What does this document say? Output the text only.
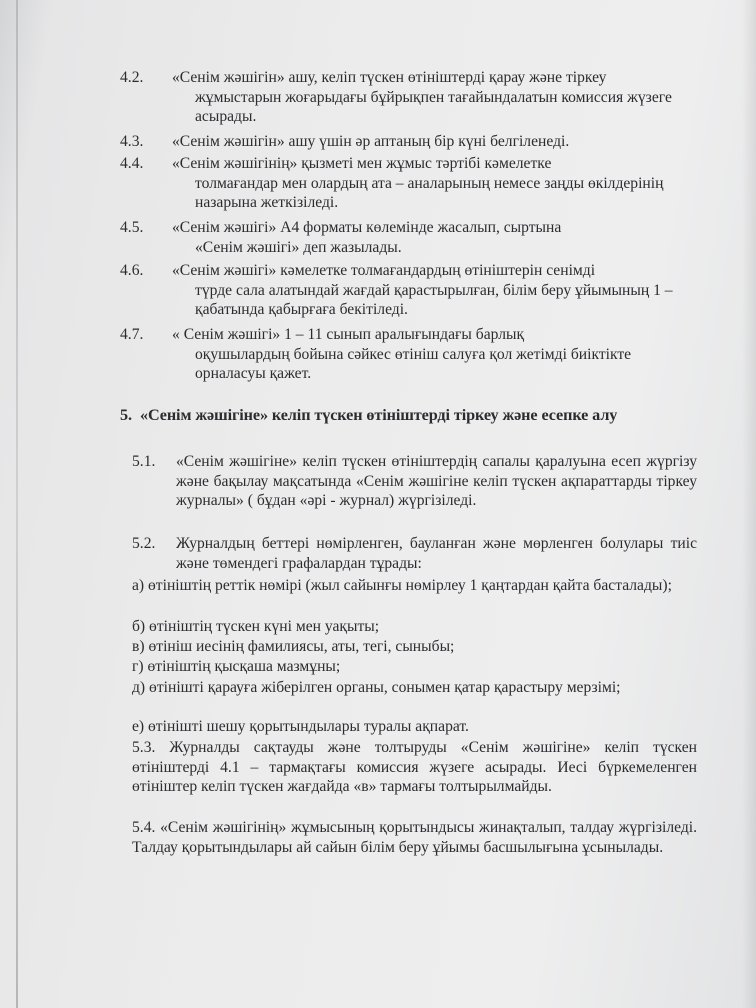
4.2. «Сенім жәшігін» ашу, келіп түскен өтініштерді қарау және тіркеу
жұмыстарын жоғарыдағы бұйрықпен тағайындалатын комиссия жүзеге асырады.
4.3. «Сенім жәшігін» ашу үшін әр аптаның бір күні белгіленеді.
4.4. «Сенім жәшігінің» қызметі мен жұмыс тәртібі кәмелетке
толмағандар мен олардың ата – аналарының немесе заңды өкілдерінің назарына жеткізіледі.
4.5. «Сенім жәшігі» А4 форматы көлемінде жасалып, сыртына
«Сенім жәшігі» деп жазылады.
4.6. «Сенім жәшігі» кәмелетке толмағандардың өтініштерін сенімді
түрде сала алатындай жағдай қарастырылған, білім беру ұйымының 1 – қабатында қабырғаға бекітіледі.
4.7. « Сенім жәшігі» 1 – 11 сынып аралығындағы барлық
оқушылардың бойына сәйкес өтініш салуға қол жетімді биіктікте орналасуы қажет.
5. «Сенім жәшігіне» келіп түскен өтініштерді тіркеу және есепке алу
5.1. «Сенім жәшігіне» келіп түскен өтініштердің сапалы қаралуына есеп жүргізу және бақылау мақсатында «Сенім жәшігіне келіп түскен ақпараттарды тіркеу журналы» ( бұдан «әрі - журнал) жүргізіледі.
5.2. Журналдың беттері нөмірленген, бауланған және мөрленген болулары тиіс және төмендегі графалардан тұрады:
а) өтініштің реттік нөмірі (жыл сайынғы нөмірлеу 1 қаңтардан қайта басталады);
б) өтініштің түскен күні мен уақыты;
в) өтініш иесінің фамилиясы, аты, тегі, сыныбы;
г) өтініштің қысқаша мазмұны;
д) өтінішті қарауға жіберілген органы, сонымен қатар қарастыру мерзімі;
е) өтінішті шешу қорытындылары туралы ақпарат.
5.3. Журналды сақтауды және толтыруды «Сенім жәшігіне» келіп түскен өтініштерді 4.1 – тармақтағы комиссия жүзеге асырады. Иесі бүркемеленген өтініштер келіп түскен жағдайда «в» тармағы толтырылмайды.
5.4. «Сенім жәшігінің» жұмысының қорытындысы жинақталып, талдау жүргізіледі. Талдау қорытындылары ай сайын білім беру ұйымы басшылығына ұсынылады.
